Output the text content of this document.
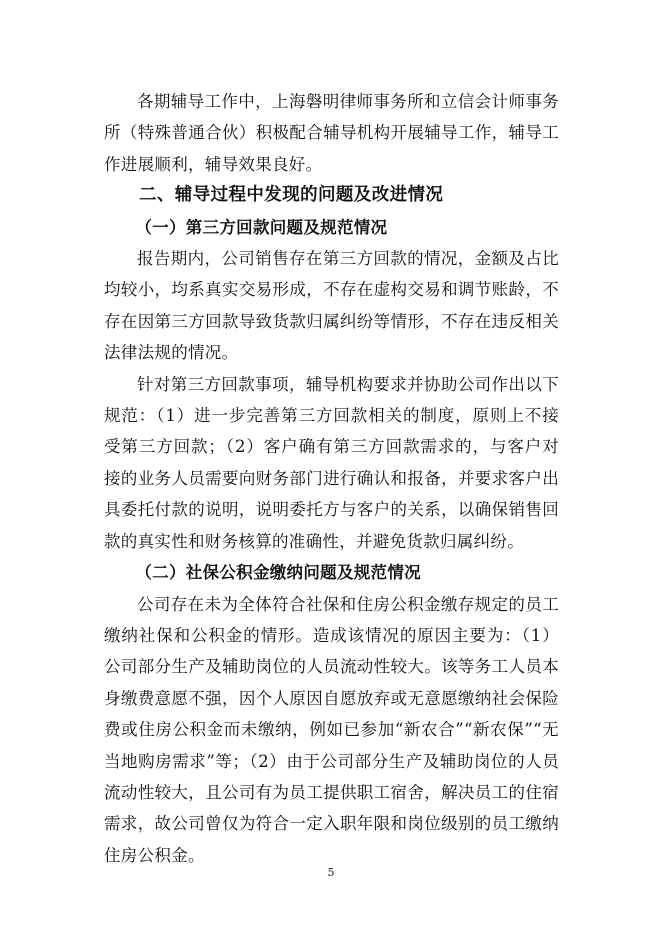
各期辅导工作中，上海磐明律师事务所和立信会计师事务所（特殊普通合伙）积极配合辅导机构开展辅导工作，辅导工作进展顺利，辅导效果良好。

二、辅导过程中发现的问题及改进情况

（一）第三方回款问题及规范情况

报告期内，公司销售存在第三方回款的情况，金额及占比均较小，均系真实交易形成，不存在虚构交易和调节账龄，不存在因第三方回款导致货款归属纠纷等情形，不存在违反相关法律法规的情况。

针对第三方回款事项，辅导机构要求并协助公司作出以下规范：（1）进一步完善第三方回款相关的制度，原则上不接受第三方回款；（2）客户确有第三方回款需求的，与客户对接的业务人员需要向财务部门进行确认和报备，并要求客户出具委托付款的说明，说明委托方与客户的关系，以确保销售回款的真实性和财务核算的准确性，并避免货款归属纠纷。

（二）社保公积金缴纳问题及规范情况

公司存在未为全体符合社保和住房公积金缴存规定的员工缴纳社保和公积金的情形。造成该情况的原因主要为：（1）公司部分生产及辅助岗位的人员流动性较大。该等务工人员本身缴费意愿不强，因个人原因自愿放弃或无意愿缴纳社会保险费或住房公积金而未缴纳，例如已参加“新农合”“新农保”“无当地购房需求”等；（2）由于公司部分生产及辅助岗位的人员流动性较大，且公司有为员工提供职工宿舍，解决员工的住宿需求，故公司曾仅为符合一定入职年限和岗位级别的员工缴纳住房公积金。

5
